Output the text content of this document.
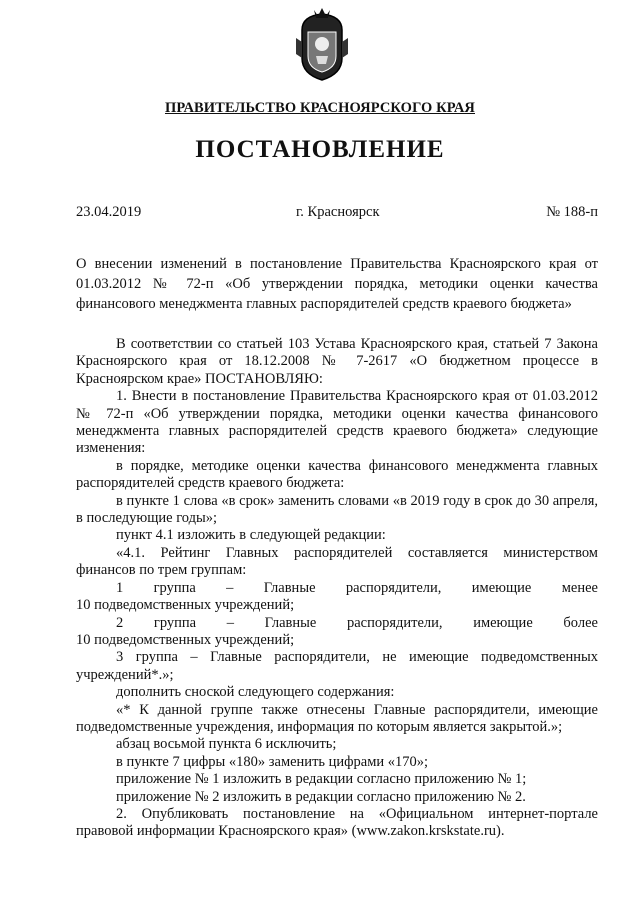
ПРАВИТЕЛЬСТВО КРАСНОЯРСКОГО КРАЯ
ПОСТАНОВЛЕНИЕ
23.04.2019	г. Красноярск	№ 188-п
О внесении изменений в постановление Правительства Красноярского края от 01.03.2012 № 72-п «Об утверждении порядка, методики оценки качества финансового менеджмента главных распорядителей средств краевого бюджета»

В соответствии со статьей 103 Устава Красноярского края, статьей 7 Закона Красноярского края от 18.12.2008 № 7-2617 «О бюджетном процессе в Красноярском крае» ПОСТАНОВЛЯЮ:

1. Внести в постановление Правительства Красноярского края от 01.03.2012 № 72-п «Об утверждении порядка, методики оценки качества финансового менеджмента главных распорядителей средств краевого бюджета» следующие изменения:

в порядке, методике оценки качества финансового менеджмента главных распорядителей средств краевого бюджета:

в пункте 1 слова «в срок» заменить словами «в 2019 году в срок до 30 апреля, в последующие годы»;

пункт 4.1 изложить в следующей редакции:

«4.1. Рейтинг Главных распорядителей составляется министерством финансов по трем группам:

1 группа – Главные распорядители, имеющие менее

10 подведомственных учреждений;

2 группа – Главные распорядители, имеющие более

10 подведомственных учреждений;

3 группа – Главные распорядители, не имеющие подведомственных учреждений*.»;

дополнить сноской следующего содержания:

«* К данной группе также отнесены Главные распорядители, имеющие подведомственные учреждения, информация по которым является закрытой.»;

абзац восьмой пункта 6 исключить;

в пункте 7 цифры «180» заменить цифрами «170»;

приложение № 1 изложить в редакции согласно приложению № 1;

приложение № 2 изложить в редакции согласно приложению № 2.

2. Опубликовать постановление на «Официальном интернет-портале правовой информации Красноярского края» (www.zakon.krskstate.ru).
